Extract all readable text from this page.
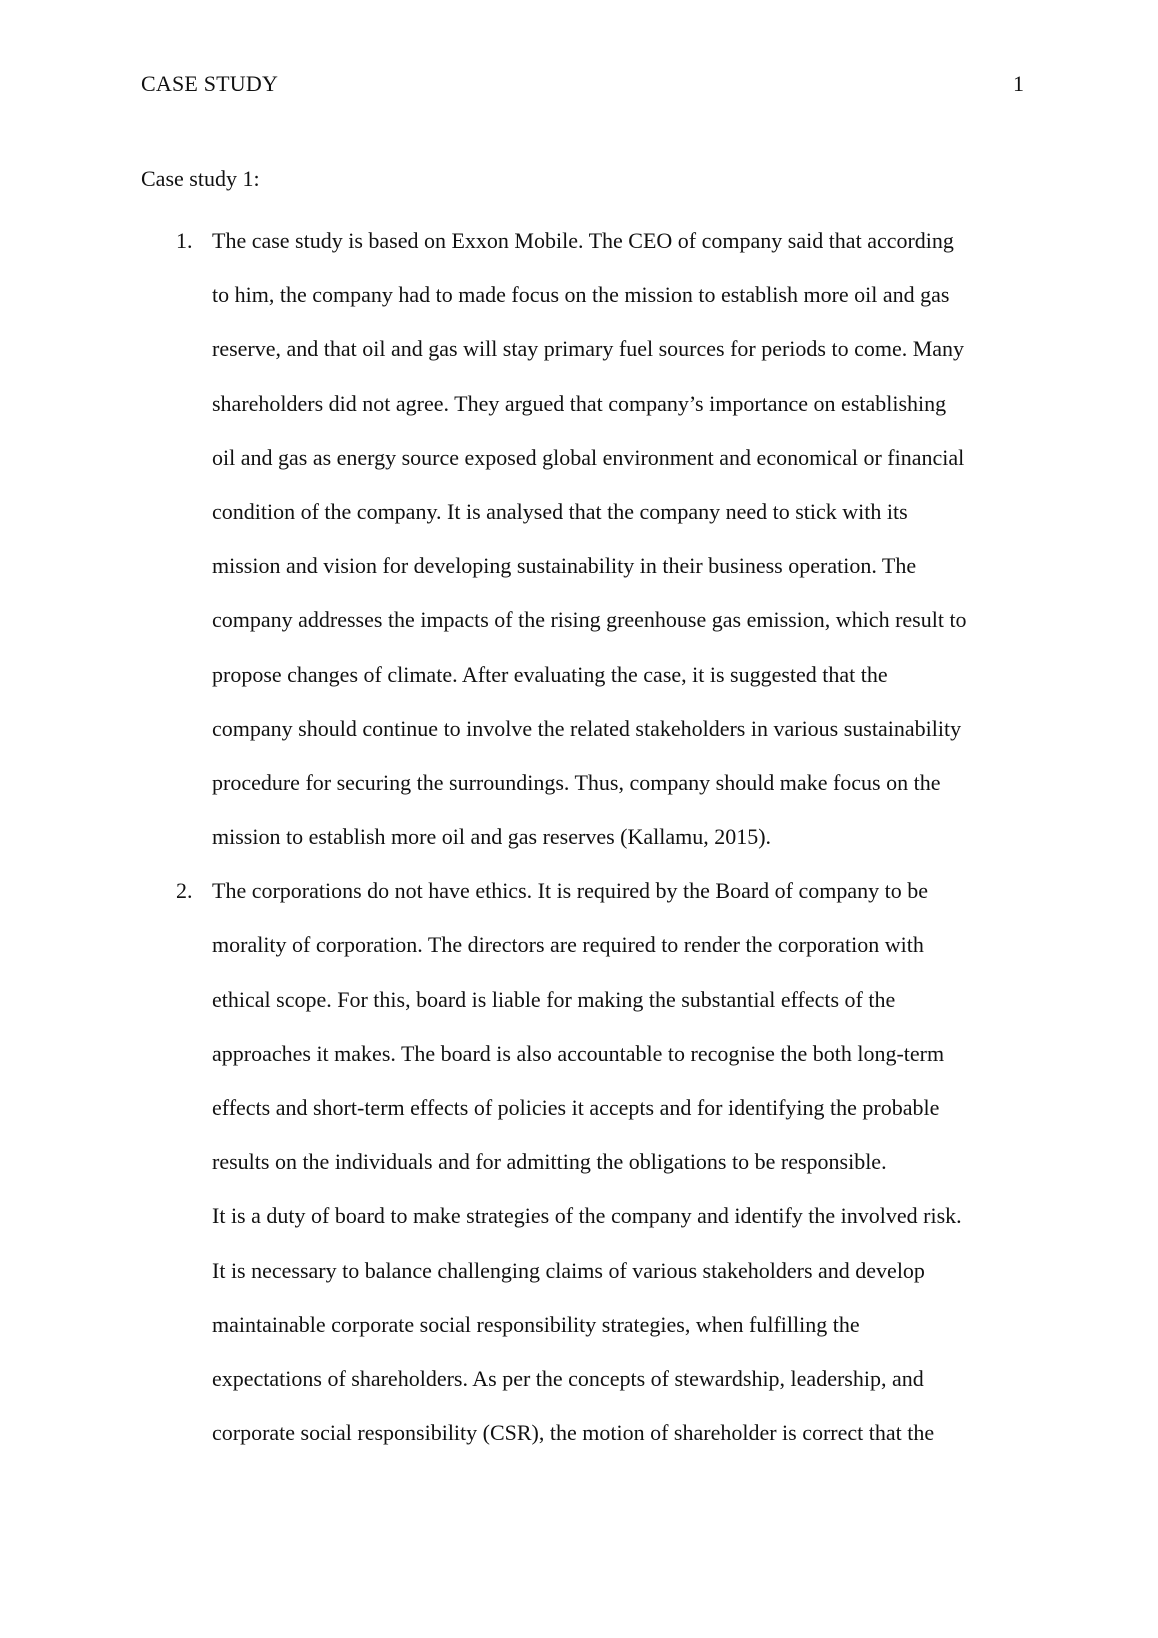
CASE STUDY	1
Case study 1:
1. The case study is based on Exxon Mobile. The CEO of company said that according
to him, the company had to made focus on the mission to establish more oil and gas
reserve, and that oil and gas will stay primary fuel sources for periods to come. Many
shareholders did not agree. They argued that company’s importance on establishing
oil and gas as energy source exposed global environment and economical or financial
condition of the company. It is analysed that the company need to stick with its
mission and vision for developing sustainability in their business operation. The
company addresses the impacts of the rising greenhouse gas emission, which result to
propose changes of climate. After evaluating the case, it is suggested that the
company should continue to involve the related stakeholders in various sustainability
procedure for securing the surroundings. Thus, company should make focus on the
mission to establish more oil and gas reserves (Kallamu, 2015).
2. The corporations do not have ethics. It is required by the Board of company to be
morality of corporation. The directors are required to render the corporation with
ethical scope. For this, board is liable for making the substantial effects of the
approaches it makes. The board is also accountable to recognise the both long-term
effects and short-term effects of policies it accepts and for identifying the probable
results on the individuals and for admitting the obligations to be responsible.
It is a duty of board to make strategies of the company and identify the involved risk.
It is necessary to balance challenging claims of various stakeholders and develop
maintainable corporate social responsibility strategies, when fulfilling the
expectations of shareholders. As per the concepts of stewardship, leadership, and
corporate social responsibility (CSR), the motion of shareholder is correct that the
